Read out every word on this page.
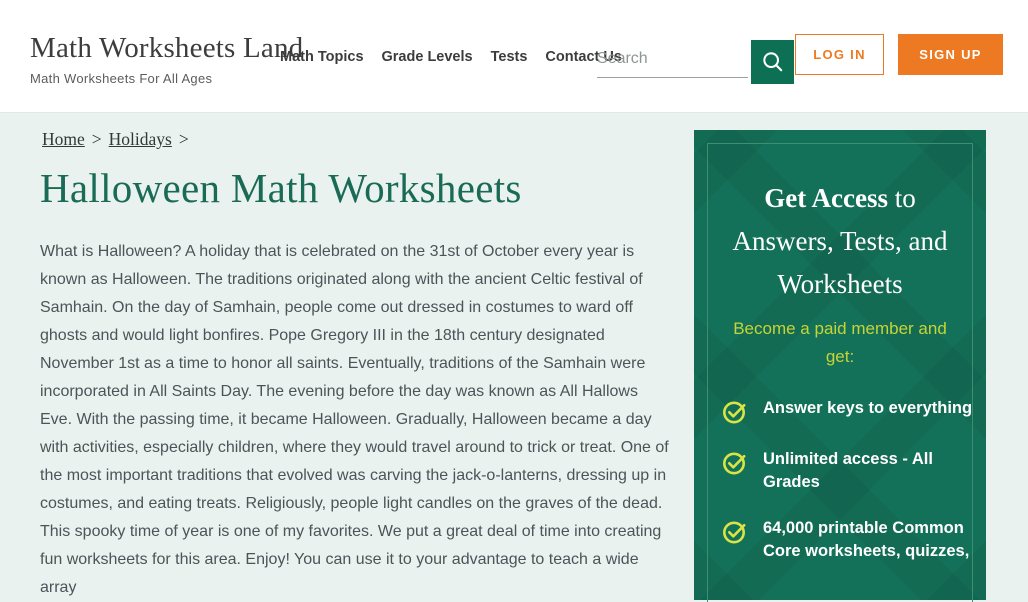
Math Worksheets Land
Math Worksheets For All Ages
Math Topics Grade Levels Tests Contact Us
Search	LOG IN	SIGN UP
Home > Holidays >
Halloween Math Worksheets

What is Halloween? A holiday that is celebrated on the 31st of October every year is known as Halloween. The traditions originated along with the ancient Celtic festival of Samhain. On the day of Samhain, people come out dressed in costumes to ward off ghosts and would light bonfires. Pope Gregory III in the 18th century designated November 1st as a time to honor all saints. Eventually, traditions of the Samhain were incorporated in All Saints Day. The evening before the day was known as All Hallows Eve. With the passing time, it became Halloween. Gradually, Halloween became a day with activities, especially children, where they would travel around to trick or treat. One of the most important traditions that evolved was carving the jack-o-lanterns, dressing up in costumes, and eating treats. Religiously, people light candles on the graves of the dead. This spooky time of year is one of my favorites. We put a great deal of time into creating fun worksheets for this area. Enjoy! You can use it to your advantage to teach a wide array

Get Access to Answers, Tests, and Worksheets
Become a paid member and get:
Answer keys to everything
Unlimited access - All Grades
64,000 printable Common Core worksheets, quizzes,
